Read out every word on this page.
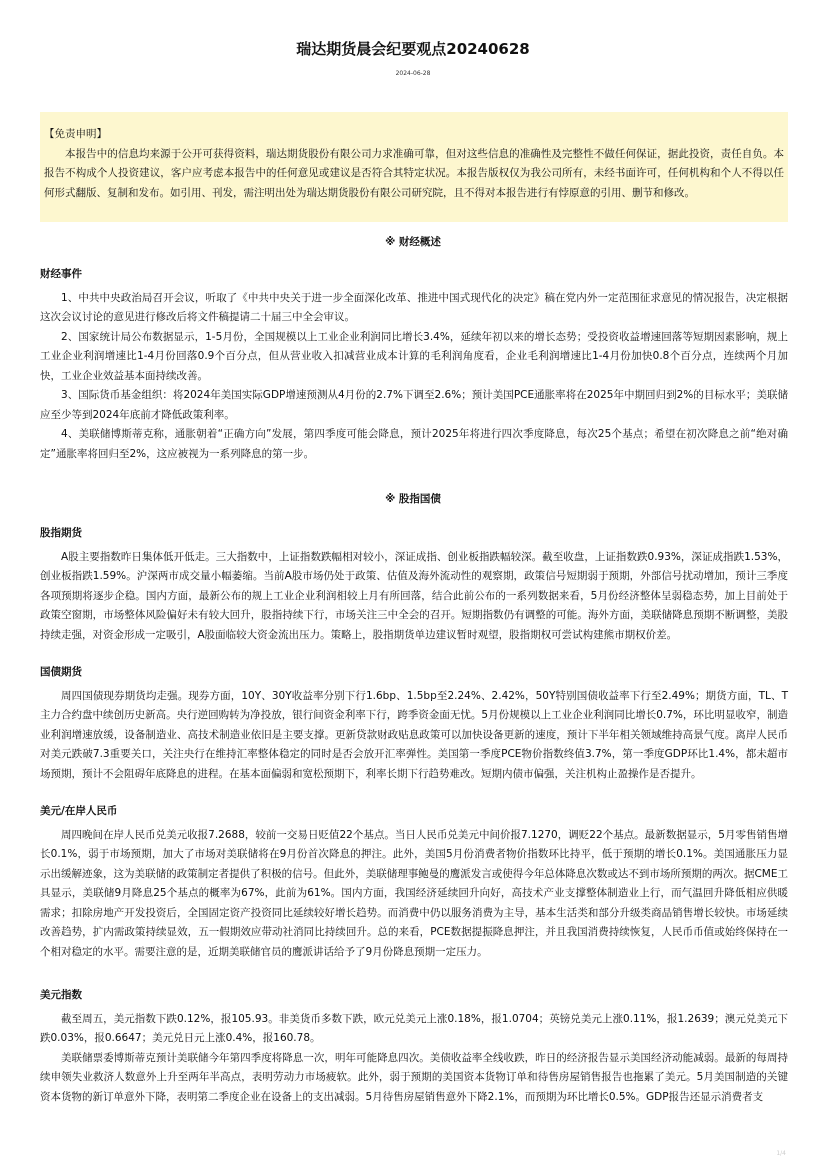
瑞达期货晨会纪要观点20240628
2024-06-28
【免责申明】

本报告中的信息均来源于公开可获得资料，瑞达期货股份有限公司力求准确可靠，但对这些信息的准确性及完整性不做任何保证，据此投资，责任自负。本报告不构成个人投资建议，客户应考虑本报告中的任何意见或建议是否符合其特定状况。本报告版权仅为我公司所有，未经书面许可，任何机构和个人不得以任何形式翻版、复制和发布。如引用、刊发，需注明出处为瑞达期货股份有限公司研究院，且不得对本报告进行有悖原意的引用、删节和修改。

※ 财经概述
财经事件

1、中共中央政治局召开会议，听取了《中共中央关于进一步全面深化改革、推进中国式现代化的决定》稿在党内外一定范围征求意见的情况报告，决定根据这次会议讨论的意见进行修改后将文件稿提请二十届三中全会审议。

2、国家统计局公布数据显示，1-5月份，全国规模以上工业企业利润同比增长3.4%，延续年初以来的增长态势；受投资收益增速回落等短期因素影响，规上工业企业利润增速比1-4月份回落0.9个百分点，但从营业收入扣减营业成本计算的毛利润角度看，企业毛利润增速比1-4月份加快0.8个百分点，连续两个月加快，工业企业效益基本面持续改善。

3、国际货币基金组织：将2024年美国实际GDP增速预测从4月份的2.7%下调至2.6%；预计美国PCE通胀率将在2025年中期回归到2%的目标水平；美联储应至少等到2024年底前才降低政策利率。

4、美联储博斯蒂克称，通胀朝着“正确方向”发展，第四季度可能会降息，预计2025年将进行四次季度降息，每次25个基点；希望在初次降息之前“绝对确定”通胀率将回归至2%，这应被视为一系列降息的第一步。

※ 股指国债
股指期货

A股主要指数昨日集体低开低走。三大指数中，上证指数跌幅相对较小，深证成指、创业板指跌幅较深。截至收盘，上证指数跌0.93%，深证成指跌1.53%，创业板指跌1.59%。沪深两市成交量小幅萎缩。当前A股市场仍处于政策、估值及海外流动性的观察期，政策信号短期弱于预期，外部信号扰动增加，预计三季度各项预期将逐步企稳。国内方面，最新公布的规上工业企业利润相较上月有所回落，结合此前公布的一系列数据来看，5月份经济整体呈弱稳态势，加上目前处于政策空窗期，市场整体风险偏好未有较大回升，股指持续下行，市场关注三中全会的召开。短期指数仍有调整的可能。海外方面，美联储降息预期不断调整，美股持续走强，对资金形成一定吸引，A股面临较大资金流出压力。策略上，股指期货单边建议暂时观望，股指期权可尝试构建熊市期权价差。

国债期货

周四国债现券期货均走强。现券方面，10Y、30Y收益率分别下行1.6bp、1.5bp至2.24%、2.42%，50Y特别国债收益率下行至2.49%；期货方面，TL、T主力合约盘中续创历史新高。央行逆回购转为净投放，银行间资金利率下行，跨季资金面无忧。5月份规模以上工业企业利润同比增长0.7%，环比明显收窄，制造业利润增速放缓，设备制造业、高技术制造业依旧是主要支撑。更新贷款财政贴息政策可以加快设备更新的速度，预计下半年相关领域维持高景气度。离岸人民币对美元跌破7.3重要关口，关注央行在维持汇率整体稳定的同时是否会放开汇率弹性。美国第一季度PCE物价指数终值3.7%，第一季度GDP环比1.4%，都未超市场预期，预计不会阻碍年底降息的进程。在基本面偏弱和宽松预期下，利率长期下行趋势难改。短期内债市偏强，关注机构止盈操作是否提升。

美元/在岸人民币

周四晚间在岸人民币兑美元收报7.2688，较前一交易日贬值22个基点。当日人民币兑美元中间价报7.1270，调贬22个基点。最新数据显示，5月零售销售增长0.1%，弱于市场预期，加大了市场对美联储将在9月份首次降息的押注。此外，美国5月份消费者物价指数环比持平，低于预期的增长0.1%。美国通胀压力显示出缓解迹象，这为美联储的政策制定者提供了积极的信号。但此外，美联储理事鲍曼的鹰派发言或使得今年总体降息次数或达不到市场所预期的两次。据CME工具显示，美联储9月降息25个基点的概率为67%，此前为61%。国内方面，我国经济延续回升向好，高技术产业支撑整体制造业上行，而气温回升降低相应供暖需求；扣除房地产开发投资后，全国固定资产投资同比延续较好增长趋势。而消费中仍以服务消费为主导，基本生活类和部分升级类商品销售增长较快。市场延续改善趋势，扩内需政策持续显效，五一假期效应带动社消同比持续回升。总的来看，PCE数据提振降息押注，并且我国消费持续恢复，人民币币值或始终保持在一个相对稳定的水平。需要注意的是，近期美联储官员的鹰派讲话给予了9月份降息预期一定压力。

美元指数

截至周五，美元指数下跌0.12%，报105.93。非美货币多数下跌，欧元兑美元上涨0.18%，报1.0704；英镑兑美元上涨0.11%，报1.2639；澳元兑美元下跌0.03%，报0.6647；美元兑日元上涨0.4%，报160.78。

美联储票委博斯蒂克预计美联储今年第四季度将降息一次，明年可能降息四次。美债收益率全线收跌，昨日的经济报告显示美国经济动能减弱。最新的每周持续申领失业救济人数意外上升至两年半高点，表明劳动力市场疲软。此外，弱于预期的美国资本货物订单和待售房屋销售报告也拖累了美元。5月美国制造的关键资本货物的新订单意外下降，表明第二季度企业在设备上的支出减弱。5月待售房屋销售意外下降2.1%，而预期为环比增长0.5%。GDP报告还显示消费者支

1/4
